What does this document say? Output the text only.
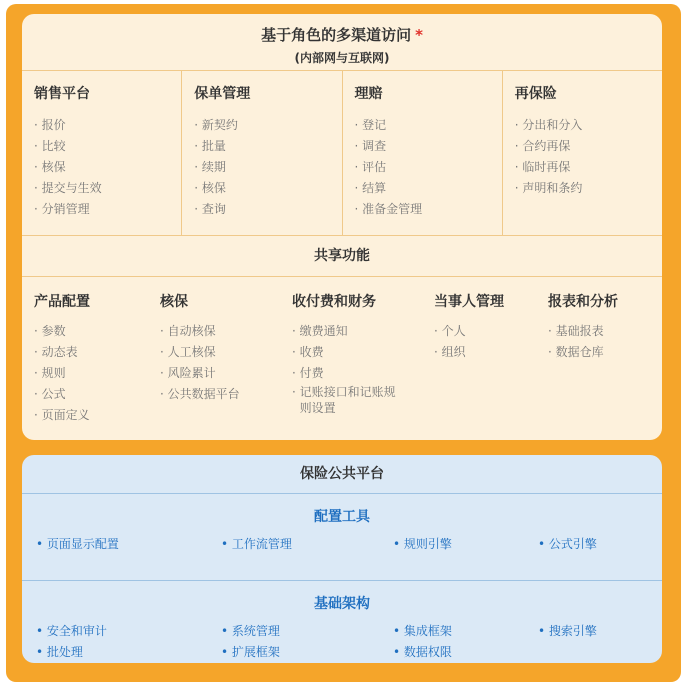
基于角色的多渠道访问 *
(内部网与互联网)
销售平台
· 报价
· 比较
· 核保
· 提交与生效
· 分销管理
保单管理
· 新契约
· 批量
· 续期
· 核保
· 查询
理赔
· 登记
· 调查
· 评估
· 结算
· 准备金管理
再保险
· 分出和分入
· 合约再保
· 临时再保
· 声明和条约
共享功能
产品配置
· 参数
· 动态表
· 规则
· 公式
· 页面定义
核保
· 自动核保
· 人工核保
· 风险累计
· 公共数据平台
收付费和财务
· 缴费通知
· 收费
· 付费
· 记账接口和记账规
则设置
当事人管理
· 个人
· 组织
报表和分析
· 基础报表
· 数据仓库
保险公共平台
配置工具
• 页面显示配置	• 工作流管理	• 规则引擎	• 公式引擎
基础架构
• 安全和审计	• 系统管理	• 集成框架	• 搜索引擎
• 批处理	• 扩展框架	• 数据权限
